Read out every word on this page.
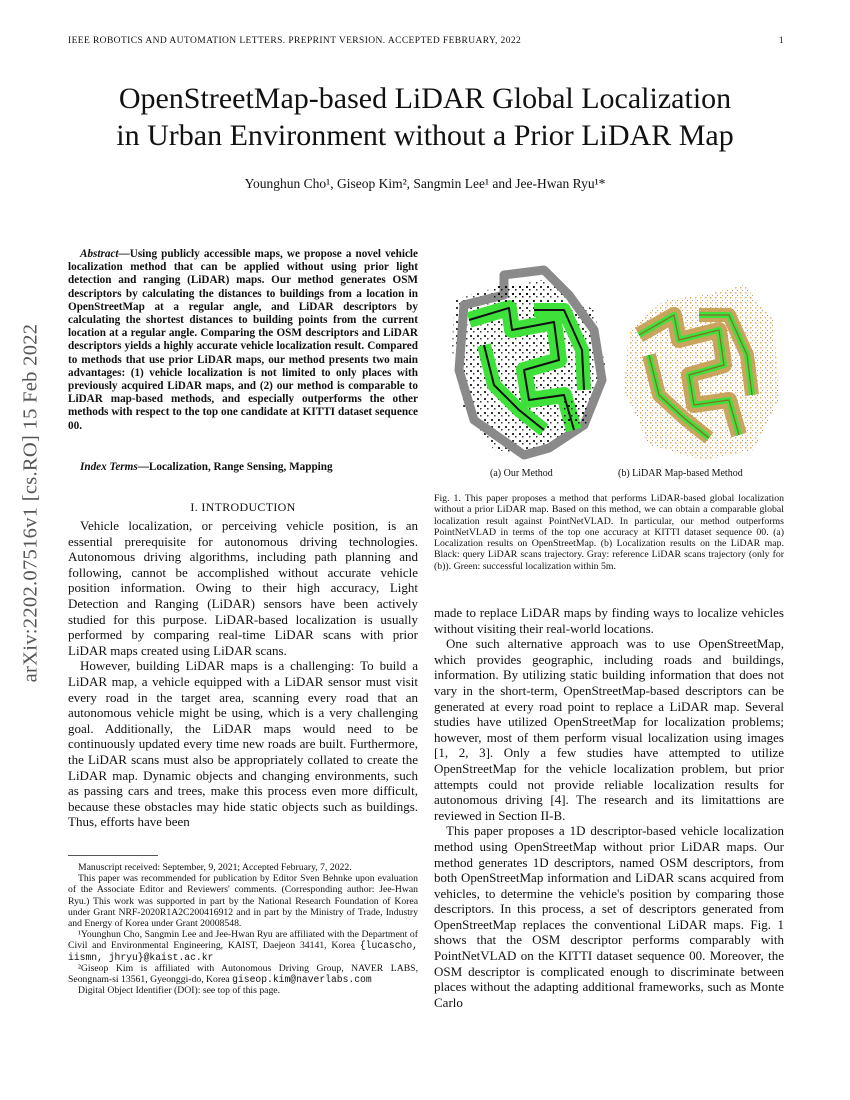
IEEE ROBOTICS AND AUTOMATION LETTERS. PREPRINT VERSION. ACCEPTED FEBRUARY, 2022	1
OpenStreetMap-based LiDAR Global Localization
in Urban Environment without a Prior LiDAR Map
Younghun Cho¹, Giseop Kim², Sangmin Lee¹ and Jee-Hwan Ryu¹*
arXiv:2202.07516v1 [cs.RO] 15 Feb 2022
Abstract—Using publicly accessible maps, we propose a novel vehicle localization method that can be applied without using prior light detection and ranging (LiDAR) maps. Our method generates OSM descriptors by calculating the distances to buildings from a location in OpenStreetMap at a regular angle, and LiDAR descriptors by calculating the shortest distances to building points from the current location at a regular angle. Comparing the OSM descriptors and LiDAR descriptors yields a highly accurate vehicle localization result. Compared to methods that use prior LiDAR maps, our method presents two main advantages: (1) vehicle localization is not limited to only places with previously acquired LiDAR maps, and (2) our method is comparable to LiDAR map-based methods, and especially outperforms the other methods with respect to the top one candidate at KITTI dataset sequence 00.
Index Terms—Localization, Range Sensing, Mapping
I. INTRODUCTION

Vehicle localization, or perceiving vehicle position, is an essential prerequisite for autonomous driving technologies. Autonomous driving algorithms, including path planning and following, cannot be accomplished without accurate vehicle position information. Owing to their high accuracy, Light Detection and Ranging (LiDAR) sensors have been actively studied for this purpose. LiDAR-based localization is usually performed by comparing real-time LiDAR scans with prior LiDAR maps created using LiDAR scans.

However, building LiDAR maps is a challenging: To build a LiDAR map, a vehicle equipped with a LiDAR sensor must visit every road in the target area, scanning every road that an autonomous vehicle might be using, which is a very challenging goal. Additionally, the LiDAR maps would need to be continuously updated every time new roads are built. Furthermore, the LiDAR scans must also be appropriately collated to create the LiDAR map. Dynamic objects and changing environments, such as passing cars and trees, make this process even more difficult, because these obstacles may hide static objects such as buildings. Thus, efforts have been

Manuscript received: September, 9, 2021; Accepted February, 7, 2022.

This paper was recommended for publication by Editor Sven Behnke upon evaluation of the Associate Editor and Reviewers' comments. (Corresponding author: Jee-Hwan Ryu.) This work was supported in part by the National Research Foundation of Korea under Grant NRF-2020R1A2C200416912 and in part by the Ministry of Trade, Industry and Energy of Korea under Grant 20008548.

¹Younghun Cho, Sangmin Lee and Jee-Hwan Ryu are affiliated with the Department of Civil and Environmental Engineering, KAIST, Daejeon 34141, Korea {lucascho, iismn, jhryu}@kaist.ac.kr

²Giseop Kim is affiliated with Autonomous Driving Group, NAVER LABS, Seongnam-si 13561, Gyeonggi-do, Korea giseop.kim@naverlabs.com

Digital Object Identifier (DOI): see top of this page.

(a) Our Method	(b) LiDAR Map-based Method
Fig. 1. This paper proposes a method that performs LiDAR-based global localization without a prior LiDAR map. Based on this method, we can obtain a comparable global localization result against PointNetVLAD. In particular, our method outperforms PointNetVLAD in terms of the top one accuracy at KITTI dataset sequence 00. (a) Localization results on OpenStreetMap. (b) Localization results on the LiDAR map. Black: query LiDAR scans trajectory. Gray: reference LiDAR scans trajectory (only for (b)). Green: successful localization within 5m.

made to replace LiDAR maps by finding ways to localize vehicles without visiting their real-world locations.

One such alternative approach was to use OpenStreetMap, which provides geographic, including roads and buildings, information. By utilizing static building information that does not vary in the short-term, OpenStreetMap-based descriptors can be generated at every road point to replace a LiDAR map. Several studies have utilized OpenStreetMap for localization problems; however, most of them perform visual localization using images [1, 2, 3]. Only a few studies have attempted to utilize OpenStreetMap for the vehicle localization problem, but prior attempts could not provide reliable localization results for autonomous driving [4]. The research and its limitattions are reviewed in Section II-B.

This paper proposes a 1D descriptor-based vehicle localization method using OpenStreetMap without prior LiDAR maps. Our method generates 1D descriptors, named OSM descriptors, from both OpenStreetMap information and LiDAR scans acquired from vehicles, to determine the vehicle's position by comparing those descriptors. In this process, a set of descriptors generated from OpenStreetMap replaces the conventional LiDAR maps. Fig. 1 shows that the OSM descriptor performs comparably with PointNetVLAD on the KITTI dataset sequence 00. Moreover, the OSM descriptor is complicated enough to discriminate between places without the adapting additional frameworks, such as Monte Carlo
